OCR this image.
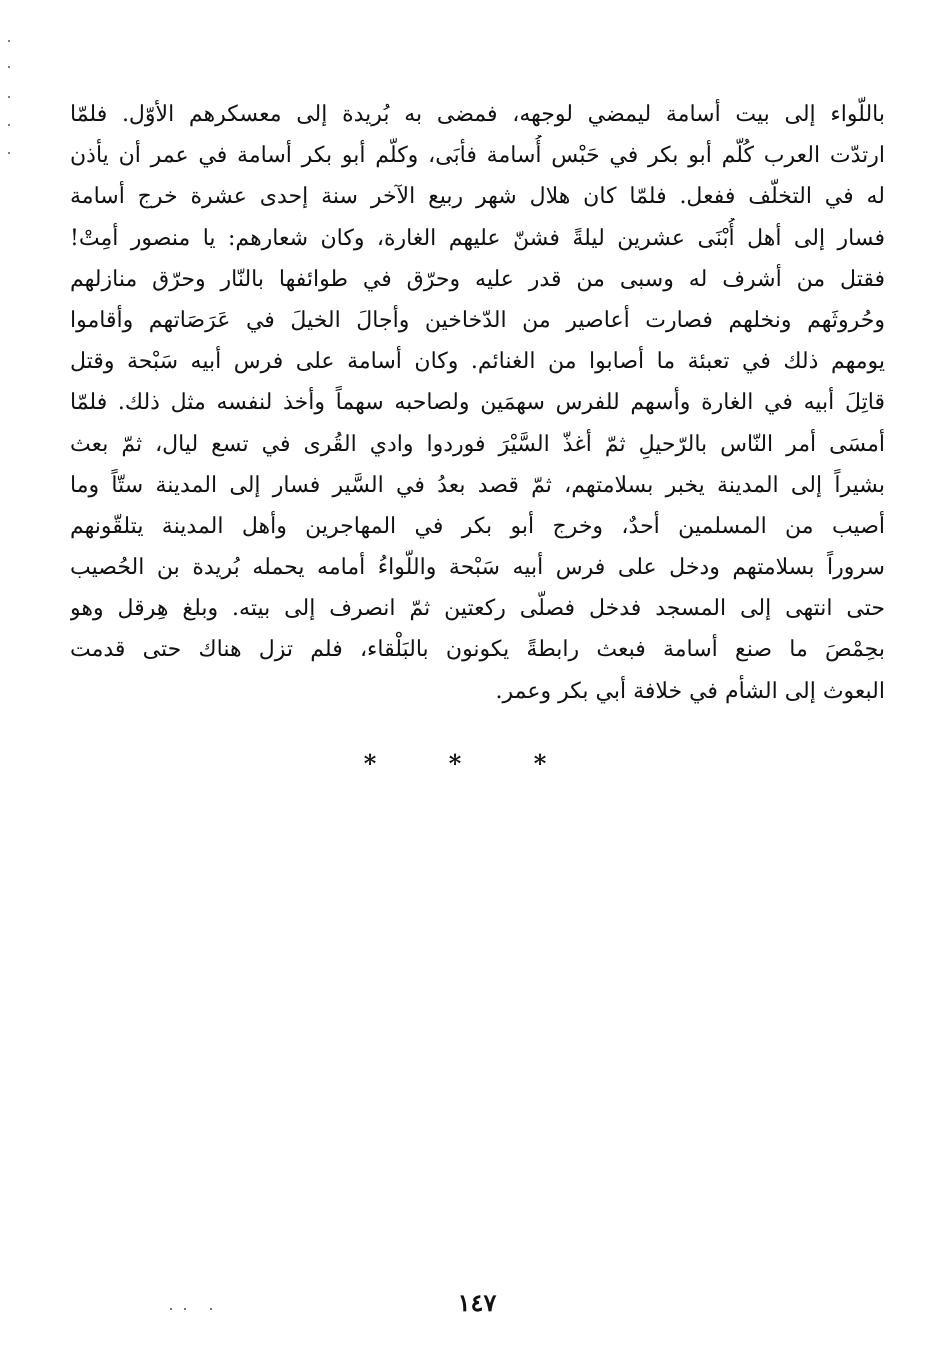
باللّواء إلى بيت أسامة ليمضي لوجهه، فمضى به بُريدة إلى معسكرهم الأوّل. فلمّا
ارتدّت العرب كُلّم أبو بكر في حَبْس أُسامة فأبَى، وكلّم أبو بكر أسامة في عمر أن يأذن
له في التخلّف ففعل. فلمّا كان هلال شهر ربيع الآخر سنة إحدى عشرة خرج أسامة
فسار إلى أهل أُبْنَى عشرين ليلةً فشنّ عليهم الغارة، وكان شعارهم: يا منصور أمِتْ!
فقتل من أشرف له وسبى من قدر عليه وحرّق في طوائفها بالنّار وحرّق منازلهم
وحُروثَهم ونخلهم فصارت أعاصير من الدّخاخين وأجالَ الخيلَ في عَرَصَاتهم وأقاموا
يومهم ذلك في تعبئة ما أصابوا من الغنائم. وكان أسامة على فرس أبيه سَبْحة وقتل
قاتِلَ أبيه في الغارة وأسهم للفرس سهمَين ولصاحبه سهماً وأخذ لنفسه مثل ذلك. فلمّا
أمسَى أمر النّاس بالرّحيلِ ثمّ أغذّ السَّيْرَ فوردوا وادي القُرى في تسع ليال، ثمّ بعث
بشيراً إلى المدينة يخبر بسلامتهم، ثمّ قصد بعدُ في السَّير فسار إلى المدينة ستّاً وما
أصيب من المسلمين أحدٌ، وخرج أبو بكر في المهاجرين وأهل المدينة يتلقّونهم
سروراً بسلامتهم ودخل على فرس أبيه سَبْحة واللّواءُ أمامه يحمله بُريدة بن الحُصيب
حتى انتهى إلى المسجد فدخل فصلّى ركعتين ثمّ انصرف إلى بيته. وبلغ هِرقل وهو
بحِمْصَ ما صنع أسامة فبعث رابطةً يكونون بالبَلْقاء، فلم تزل هناك حتى قدمت
البعوث إلى الشأم في خلافة أبي بكر وعمر.
*	*	*
١٤٧
